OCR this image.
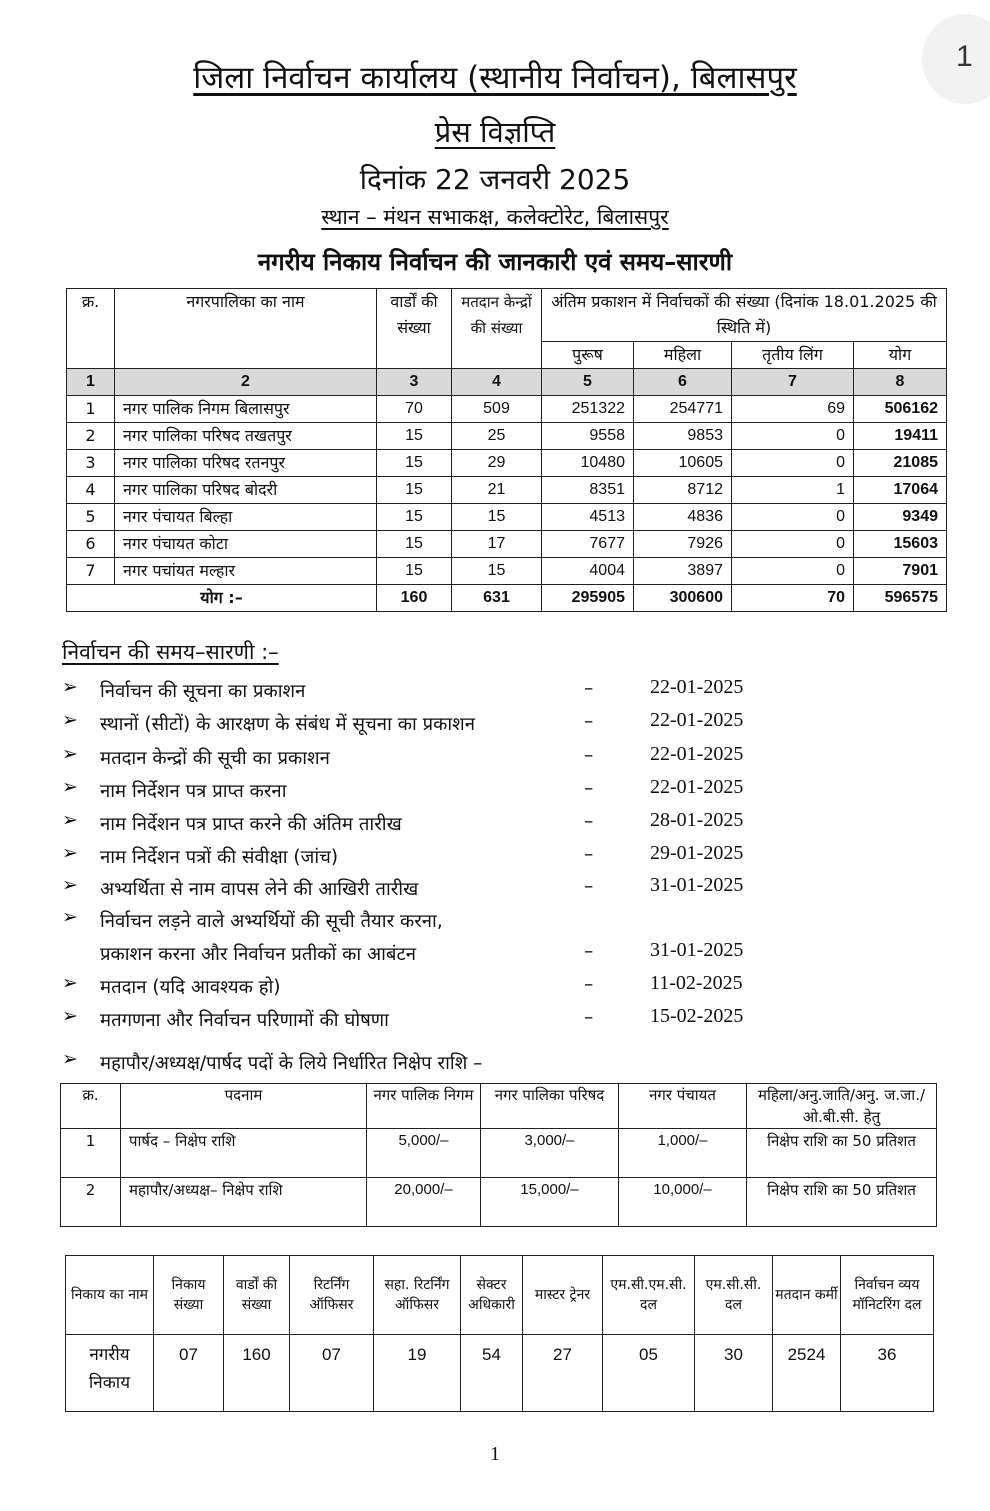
1
जिला निर्वाचन कार्यालय (स्थानीय निर्वाचन), बिलासपुर
प्रेस विज्ञप्ति
दिनांक 22 जनवरी 2025
स्थान – मंथन सभाकक्ष, कलेक्टोरेट, बिलासपुर
नगरीय निकाय निर्वाचन की जानकारी एवं समय–सारणी
क्र.	नगरपालिका का नाम	वार्डों की संख्या	मतदान केन्द्रों की संख्या	अंतिम प्रकाशन में निर्वाचकों की संख्या (दिनांक 18.01.2025 की स्थिति में)			
				पुरूष	महिला	तृतीय लिंग	योग
1	2	3	4	5	6	7	8
1	नगर पालिक निगम बिलासपुर	70	509	251322	254771	69	506162
2	नगर पालिका परिषद तखतपुर	15	25	9558	9853	0	19411
3	नगर पालिका परिषद रतनपुर	15	29	10480	10605	0	21085
4	नगर पालिका परिषद बोदरी	15	21	8351	8712	1	17064
5	नगर पंचायत बिल्हा	15	15	4513	4836	0	9349
6	नगर पंचायत कोटा	15	17	7677	7926	0	15603
7	नगर पचांयत मल्हार	15	15	4004	3897	0	7901
योग :–		160	631	295905	300600	70	596575
निर्वाचन की समय–सारणी :–
➢ निर्वाचन की सूचना का प्रकाशन	–	22-01-2025
➢ स्थानों (सीटों) के आरक्षण के संबंध में सूचना का प्रकाशन	–	22-01-2025
➢ मतदान केन्द्रों की सूची का प्रकाशन	–	22-01-2025
➢ नाम निर्देशन पत्र प्राप्त करना	–	22-01-2025
➢ नाम निर्देशन पत्र प्राप्त करने की अंतिम तारीख	–	28-01-2025
➢ नाम निर्देशन पत्रों की संवीक्षा (जांच)	–	29-01-2025
➢ अभ्यर्थिता से नाम वापस लेने की आखिरी तारीख	–	31-01-2025
➢ निर्वाचन लड़ने वाले अभ्यर्थियों की सूची तैयार करना,
प्रकाशन करना और निर्वाचन प्रतीकों का आबंटन	–	31-01-2025
➢ मतदान (यदि आवश्यक हो)	–	11-02-2025
➢ मतगणना और निर्वाचन परिणामों की घोषणा	–	15-02-2025
➢ महापौर/अध्यक्ष/पार्षद पदों के लिये निर्धारित निक्षेप राशि –
क्र.	पदनाम	नगर पालिक निगम	नगर पालिका परिषद	नगर पंचायत	महिला/अनु.जाति/अनु. ज.जा./ओ.बी.सी. हेतु
1	पार्षद – निक्षेप राशि	5,000/–	3,000/–	1,000/–	निक्षेप राशि का 50 प्रतिशत
2	महापौर/अध्यक्ष– निक्षेप राशि	20,000/–	15,000/–	10,000/–	निक्षेप राशि का 50 प्रतिशत
निकाय का नाम	निकाय संख्या	वार्डों की संख्या	रिटर्निंग ऑफिसर	सहा. रिटर्निंग ऑफिसर	सेक्टर अधिकारी	मास्टर ट्रेनर	एम.सी.एम.सी. दल	एम.सी.सी. दल	मतदान कर्मी	निर्वाचन व्यय मॉनिटरिंग दल
नगरीय निकाय	07	160	07	19	54	27	05	30	2524	36
1
